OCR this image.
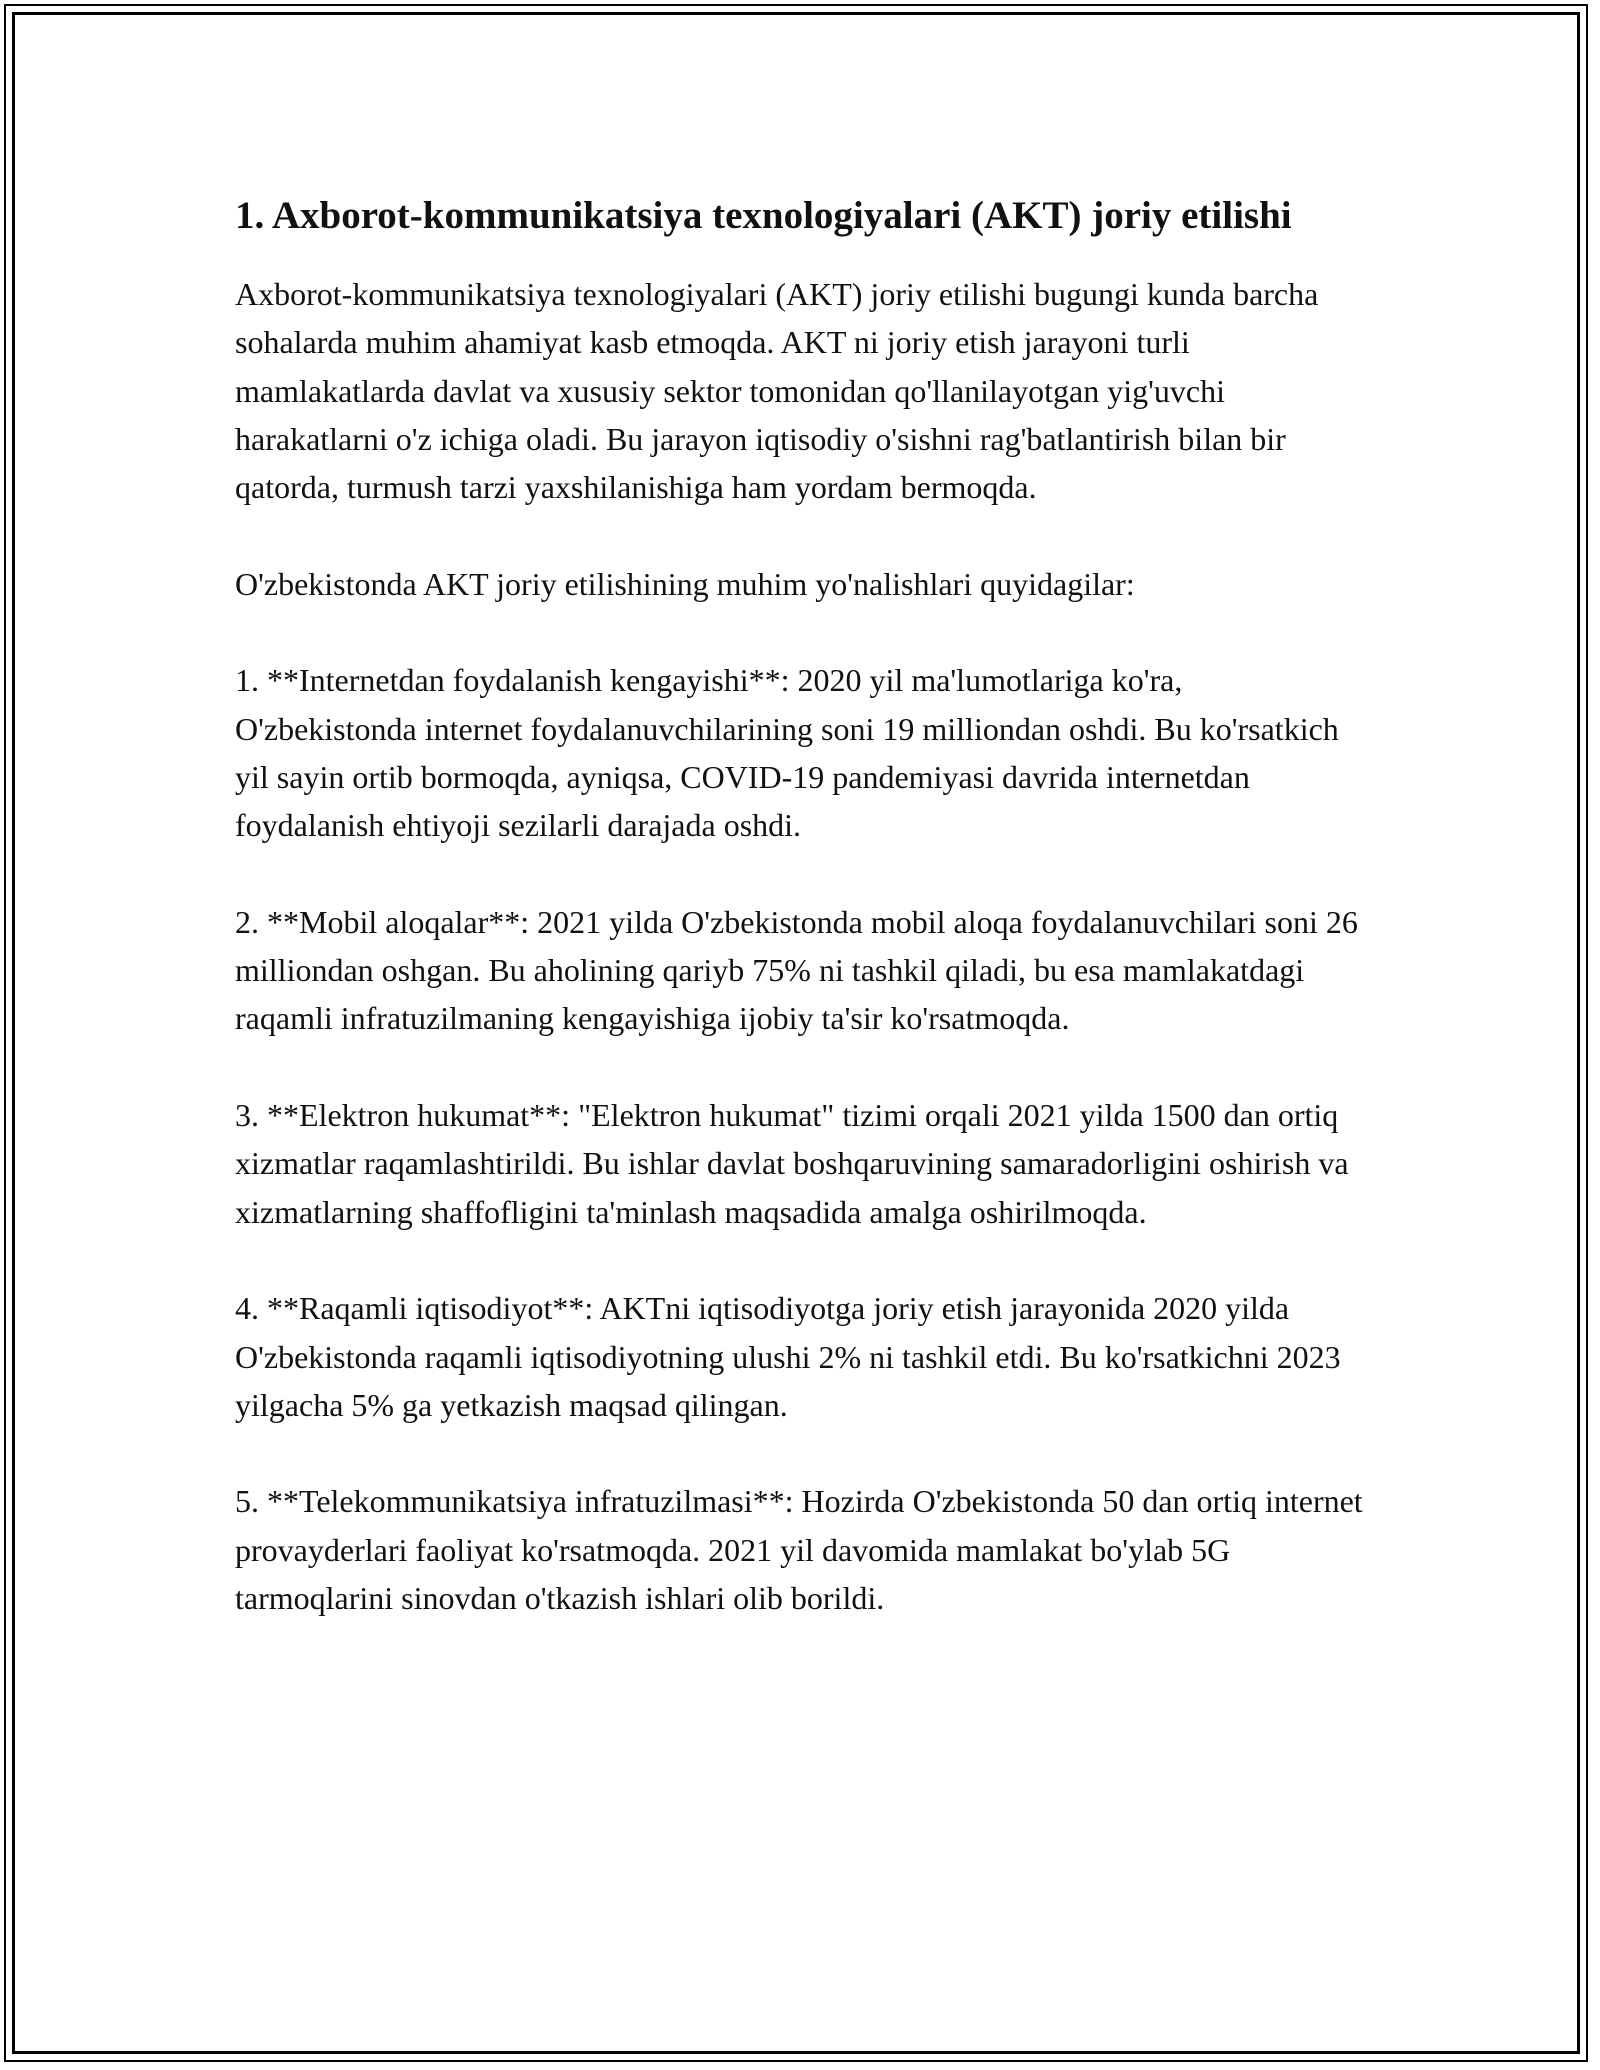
1. Axborot-kommunikatsiya texnologiyalari (AKT) joriy etilishi

Axborot-kommunikatsiya texnologiyalari (AKT) joriy etilishi bugungi kunda barcha sohalarda muhim ahamiyat kasb etmoqda. AKT ni joriy etish jarayoni turli mamlakatlarda davlat va xususiy sektor tomonidan qo'llanilayotgan yig'uvchi harakatlarni o'z ichiga oladi. Bu jarayon iqtisodiy o'sishni rag'batlantirish bilan bir qatorda, turmush tarzi yaxshilanishiga ham yordam bermoqda.

O'zbekistonda AKT joriy etilishining muhim yo'nalishlari quyidagilar:

1. **Internetdan foydalanish kengayishi**: 2020 yil ma'lumotlariga ko'ra, O'zbekistonda internet foydalanuvchilarining soni 19 milliondan oshdi. Bu ko'rsatkich yil sayin ortib bormoqda, ayniqsa, COVID-19 pandemiyasi davrida internetdan foydalanish ehtiyoji sezilarli darajada oshdi.

2. **Mobil aloqalar**: 2021 yilda O'zbekistonda mobil aloqa foydalanuvchilari soni 26 milliondan oshgan. Bu aholining qariyb 75% ni tashkil qiladi, bu esa mamlakatdagi raqamli infratuzilmaning kengayishiga ijobiy ta'sir ko'rsatmoqda.

3. **Elektron hukumat**: "Elektron hukumat" tizimi orqali 2021 yilda 1500 dan ortiq xizmatlar raqamlashtirildi. Bu ishlar davlat boshqaruvining samaradorligini oshirish va xizmatlarning shaffofligini ta'minlash maqsadida amalga oshirilmoqda.

4. **Raqamli iqtisodiyot**: AKTni iqtisodiyotga joriy etish jarayonida 2020 yilda O'zbekistonda raqamli iqtisodiyotning ulushi 2% ni tashkil etdi. Bu ko'rsatkichni 2023 yilgacha 5% ga yetkazish maqsad qilingan.

5. **Telekommunikatsiya infratuzilmasi**: Hozirda O'zbekistonda 50 dan ortiq internet provayderlari faoliyat ko'rsatmoqda. 2021 yil davomida mamlakat bo'ylab 5G tarmoqlarini sinovdan o'tkazish ishlari olib borildi.
